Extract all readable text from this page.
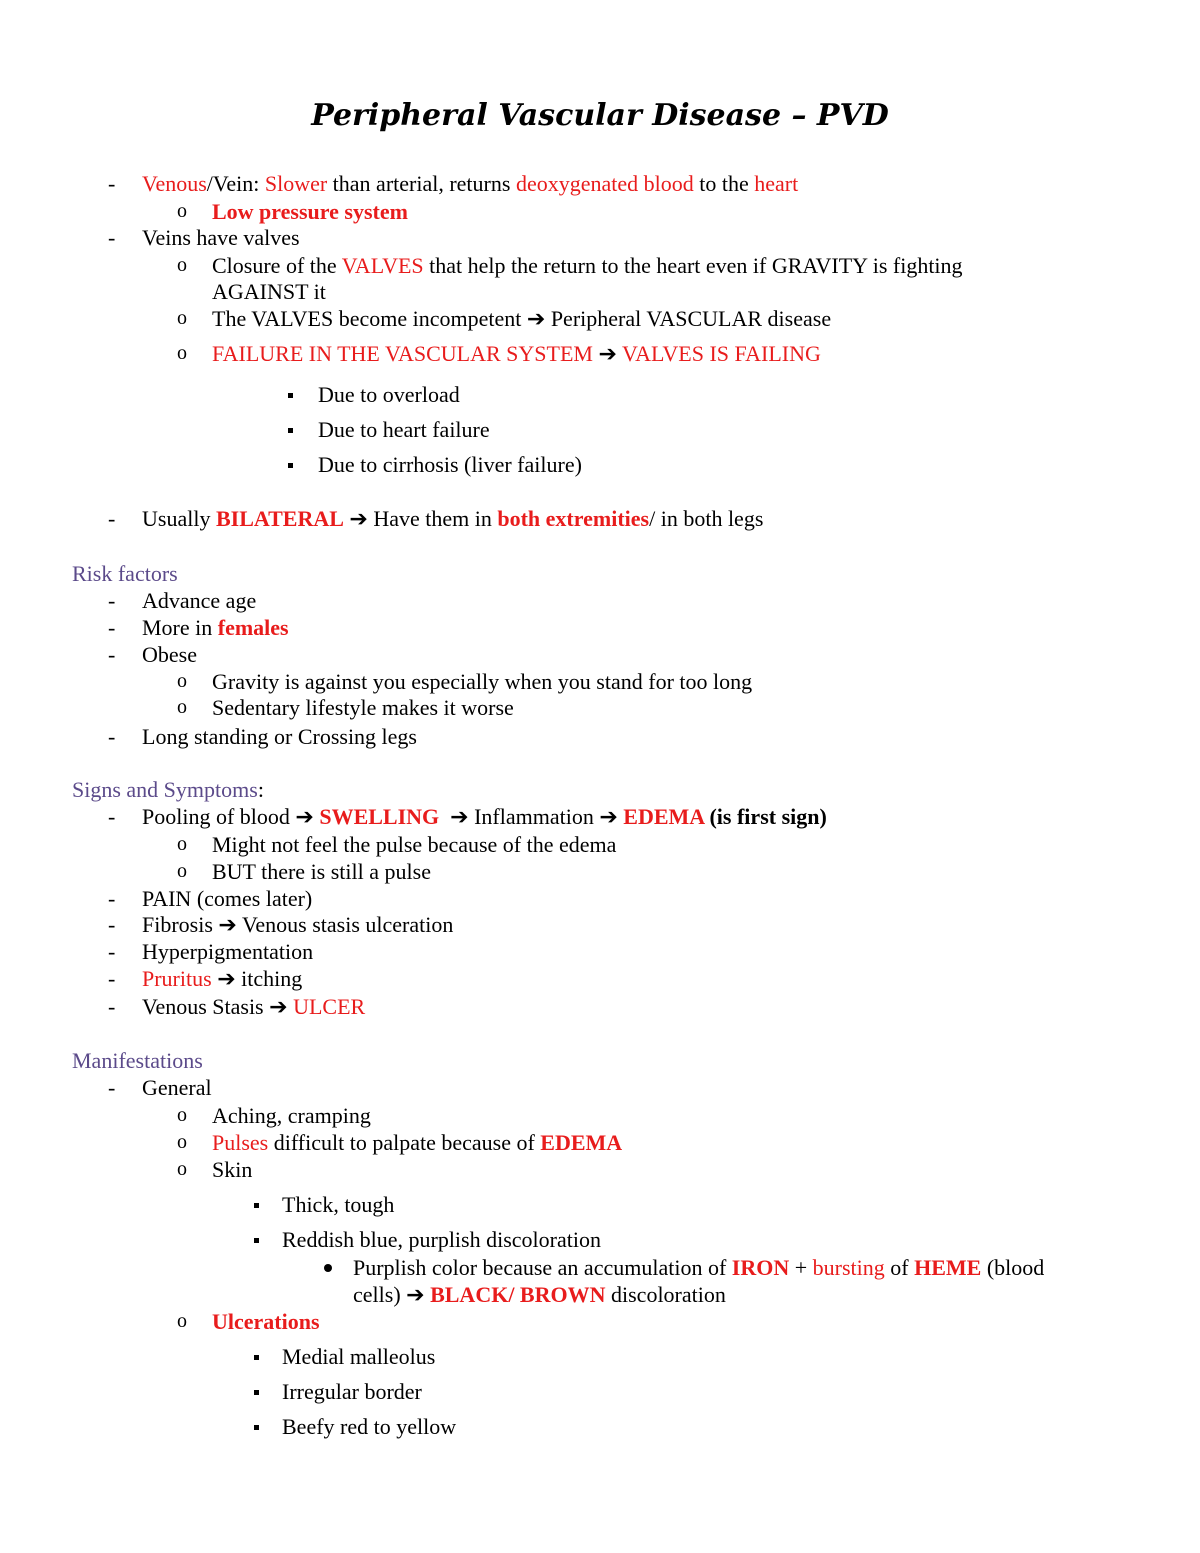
Peripheral Vascular Disease – PVD
Risk factors
Signs and Symptoms:
Manifestations
- Venous/Vein: Slower than arterial, returns deoxygenated blood to the heart
o Low pressure system
- Veins have valves
o Closure of the VALVES that help the return to the heart even if GRAVITY is fighting
AGAINST it
o The VALVES become incompetent ➔ Peripheral VASCULAR disease
o FAILURE IN THE VASCULAR SYSTEM ➔ VALVES IS FAILING
Due to overload
Due to heart failure
Due to cirrhosis (liver failure)
- Usually BILATERAL ➔ Have them in both extremities/ in both legs
- Advance age
- More in females
- Obese
o Gravity is against you especially when you stand for too long
o Sedentary lifestyle makes it worse
- Long standing or Crossing legs
- Pooling of blood ➔ SWELLING  ➔ Inflammation ➔ EDEMA (is first sign)
o Might not feel the pulse because of the edema
o BUT there is still a pulse
- PAIN (comes later)
- Fibrosis ➔ Venous stasis ulceration
- Hyperpigmentation
- Pruritus ➔ itching
- Venous Stasis ➔ ULCER
- General
o Aching, cramping
o Pulses difficult to palpate because of EDEMA
o Skin
Thick, tough
Reddish blue, purplish discoloration
Purplish color because an accumulation of IRON + bursting of HEME (blood
cells) ➔ BLACK/ BROWN discoloration
o Ulcerations
Medial malleolus
Irregular border
Beefy red to yellow
